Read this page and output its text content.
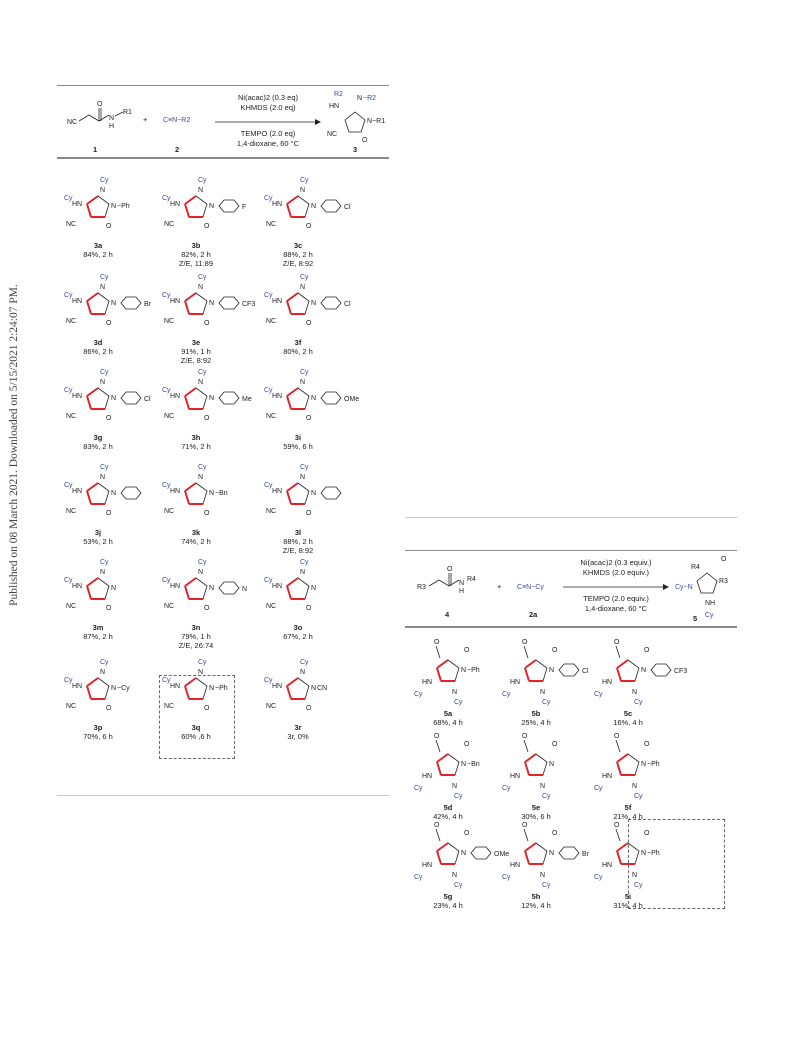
Published on 08 March 2021. Downloaded on 5/15/2021 2:24:07 PM.
NC
O
N
H
R1
1
+ C≡N−R2
2
Ni(acac)2 (0.3 eq)
KHMDS (2.0 eq)
TEMPO (2.0 eq)
1,4-dioxane, 60 °C
R2
HN
N −R2
N−R1
NC
O
3
R3
O
N
H
R4
4
+ C≡N−Cy
2a
Ni(acac)2 (0.3 equiv.)
KHMDS (2.0 equiv.)
TEMPO (2.0 equiv.)
1,4-dioxane, 60 °C
R4
O
R3
Cy−N
NH
Cy
5
Cy
N
Cy
HN
NC	O
N −Ph
3a
84%, 2 h
Cy
N
Cy
HN
NC	O
N	F
3b
82%, 2 h
Z/E, 11:89
Cy
N
Cy
HN
NC	O
N	Cl
3c
88%, 2 h
Z/E, 8:92
Cy
N
Cy
HN
NC	O
N	Br
3d
86%, 2 h
Cy
N
Cy
HN
NC	O
N	CF3
3e
91%, 1 h
Z/E, 8:92
Cy
N
Cy
HN
NC	O
N	Cl
3f
80%, 2 h
Cy
N
Cy
HN
NC	O
N	Cl
3g
83%, 2 h
Cy
N
Cy
HN
NC	O
N	Me
3h
71%, 2 h
Cy
N
Cy
HN
NC	O
N	OMe
3i
59%, 6 h
Cy
N
Cy
HN
NC	O
N
3j
53%, 2 h
Cy
N
Cy
HN
NC	O
N −Bn
3k
74%, 2 h
Cy
N
Cy
HN
NC	O
N
3l
88%, 2 h
Z/E, 8:92
Cy
N
Cy
HN
NC	O
N
3m
87%, 2 h
Cy
N
Cy
HN
NC	O
N	N
3n
79%, 1 h
Z/E, 26:74
Cy
N
Cy
HN
NC	O
N
3o
67%, 2 h
Cy
N
Cy
HN
NC	O
N −Cy
3p
70%, 6 h
Cy
N
Cy
HN
NC	O
N −Ph
3q
60% ,6 h
Cy
N
Cy
HN
NC	O
N CN
3r
3r, 0%
O
O
N −Ph
HN
Cy	N
Cy
5a
68%, 4 h
O
O
N	Cl
HN
Cy	N
Cy
5b
25%, 4 h
O
O
N	CF3
HN
Cy	N
Cy
5c
16%, 4 h
O
O
N −Bn
HN
Cy	N
Cy
5d
42%, 4 h
O
O
N
HN
Cy	N
Cy
5e
30%, 6 h
O
O
N −Ph
HN
Cy	N
Cy
5f
21%, 4 h
O
O
N	OMe
HN
Cy	N
Cy
5g
23%, 4 h
O
O
N	Br
HN
Cy	N
Cy
5h
12%, 4 h
O
O
N −Ph
HN
Cy	N
Cy
5i
31%, 4 h
